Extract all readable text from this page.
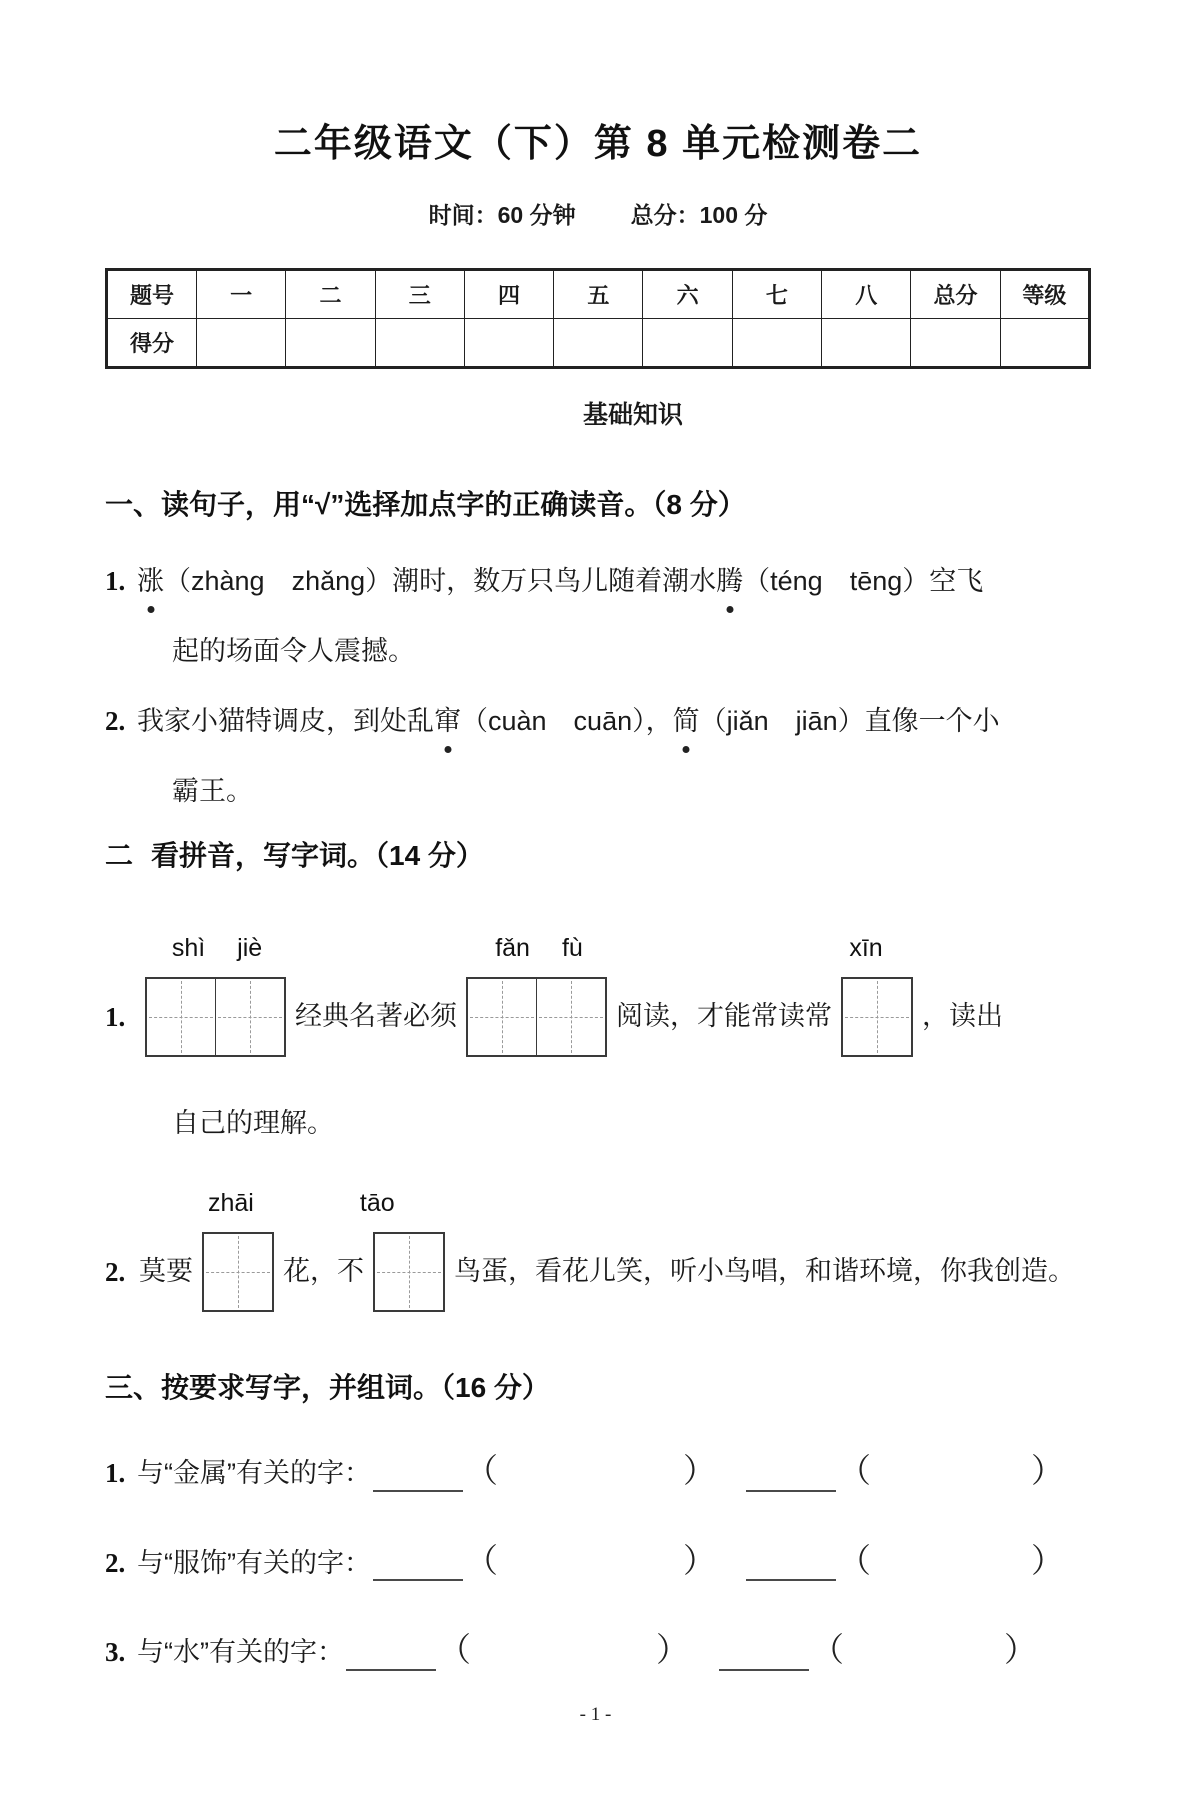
二年级语文（下）第 8 单元检测卷二
时间：60 分钟 总分：100 分
题号	一	二	三	四	五	六	七	八	总分	等级
得分										
基础知识
一、读句子，用“√”选择加点字的正确读音。（8 分）
1. 涨（zhàng　zhǎng）潮时，数万只鸟儿随着潮水腾（téng　tēng）空飞
起的场面令人震撼。
2. 我家小猫特调皮，到处乱窜（cuàn　cuān），简（jiǎn　jiān）直像一个小
霸王。
二 看拼音，写字词。（14 分）
shì jiè	fǎn fù	xīn
1.	经典名著必须	阅读，才能常读常	，读出
自己的理解。
zhāi	tāo
2. 莫要	花，不	鸟蛋，看花儿笑，听小鸟唱，和谐环境，你我创造。
三、按要求写字，并组词。（16 分）
1. 与“金属”有关的字：	（	）	（	）
2. 与“服饰”有关的字：	（	）	（	）
3. 与“水”有关的字：	（	）	（	）
- 1 -
